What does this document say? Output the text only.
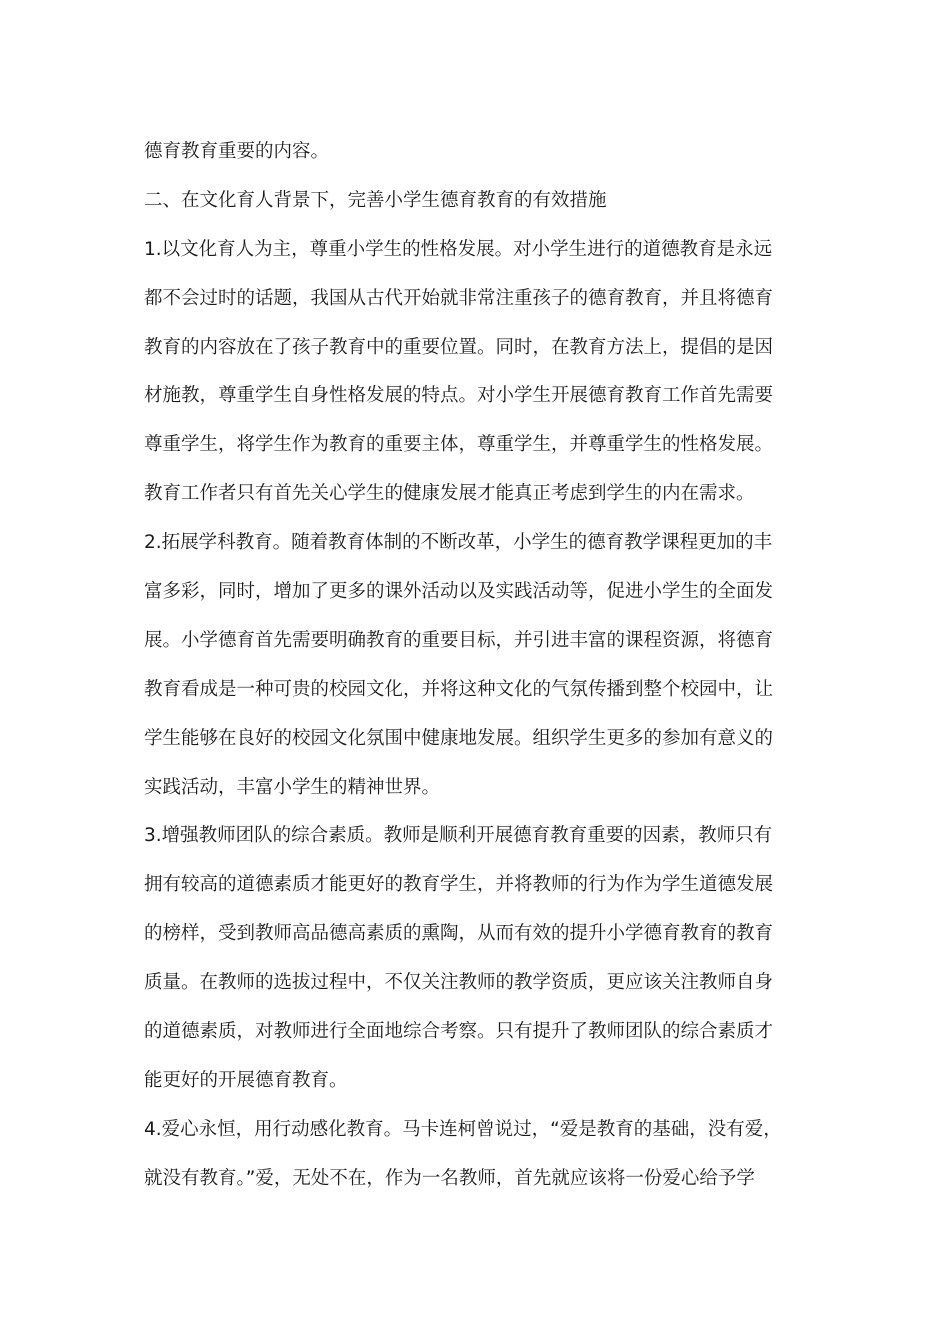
德育教育重要的内容。
二、在文化育人背景下，完善小学生德育教育的有效措施
1.以文化育人为主，尊重小学生的性格发展。对小学生进行的道德教育是永远
都不会过时的话题，我国从古代开始就非常注重孩子的德育教育，并且将德育
教育的内容放在了孩子教育中的重要位置。同时，在教育方法上，提倡的是因
材施教，尊重学生自身性格发展的特点。对小学生开展德育教育工作首先需要
尊重学生，将学生作为教育的重要主体，尊重学生，并尊重学生的性格发展。
教育工作者只有首先关心学生的健康发展才能真正考虑到学生的内在需求。
2.拓展学科教育。随着教育体制的不断改革，小学生的德育教学课程更加的丰
富多彩，同时，增加了更多的课外活动以及实践活动等，促进小学生的全面发
展。小学德育首先需要明确教育的重要目标，并引进丰富的课程资源，将德育
教育看成是一种可贵的校园文化，并将这种文化的气氛传播到整个校园中，让
学生能够在良好的校园文化氛围中健康地发展。组织学生更多的参加有意义的
实践活动，丰富小学生的精神世界。
3.增强教师团队的综合素质。教师是顺利开展德育教育重要的因素，教师只有
拥有较高的道德素质才能更好的教育学生，并将教师的行为作为学生道德发展
的榜样，受到教师高品德高素质的熏陶，从而有效的提升小学德育教育的教育
质量。在教师的选拔过程中，不仅关注教师的教学资质，更应该关注教师自身
的道德素质，对教师进行全面地综合考察。只有提升了教师团队的综合素质才
能更好的开展德育教育。
4.爱心永恒，用行动感化教育。马卡连柯曾说过，“爱是教育的基础，没有爱，
就没有教育。”爱，无处不在，作为一名教师，首先就应该将一份爱心给予学
